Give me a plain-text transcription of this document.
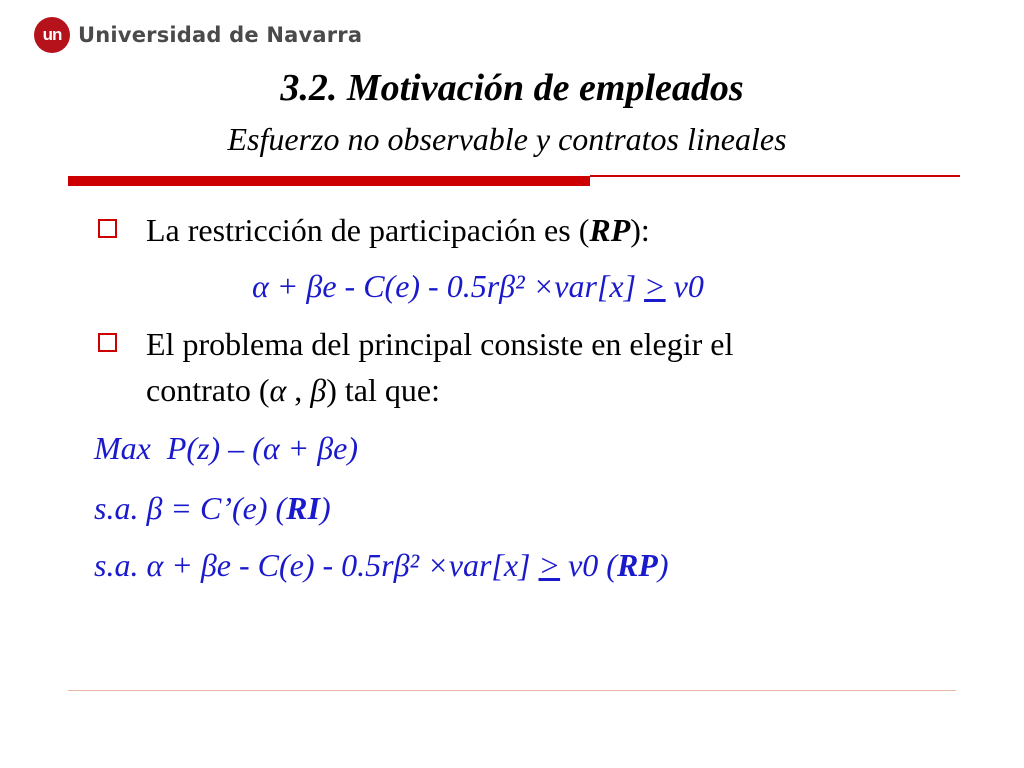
un Universidad de Navarra
3.2. Motivación de empleados
Esfuerzo no observable y contratos lineales
La restricción de participación es (RP):
α + βe - C(e) - 0.5rβ² ×var[x] > v0
El problema del principal consiste en elegir el
contrato (α , β) tal que:
Max  P(z) – (α + βe)
s.a. β = C’(e) (RI)
s.a. α + βe - C(e) - 0.5rβ² ×var[x] > v0 (RP)
